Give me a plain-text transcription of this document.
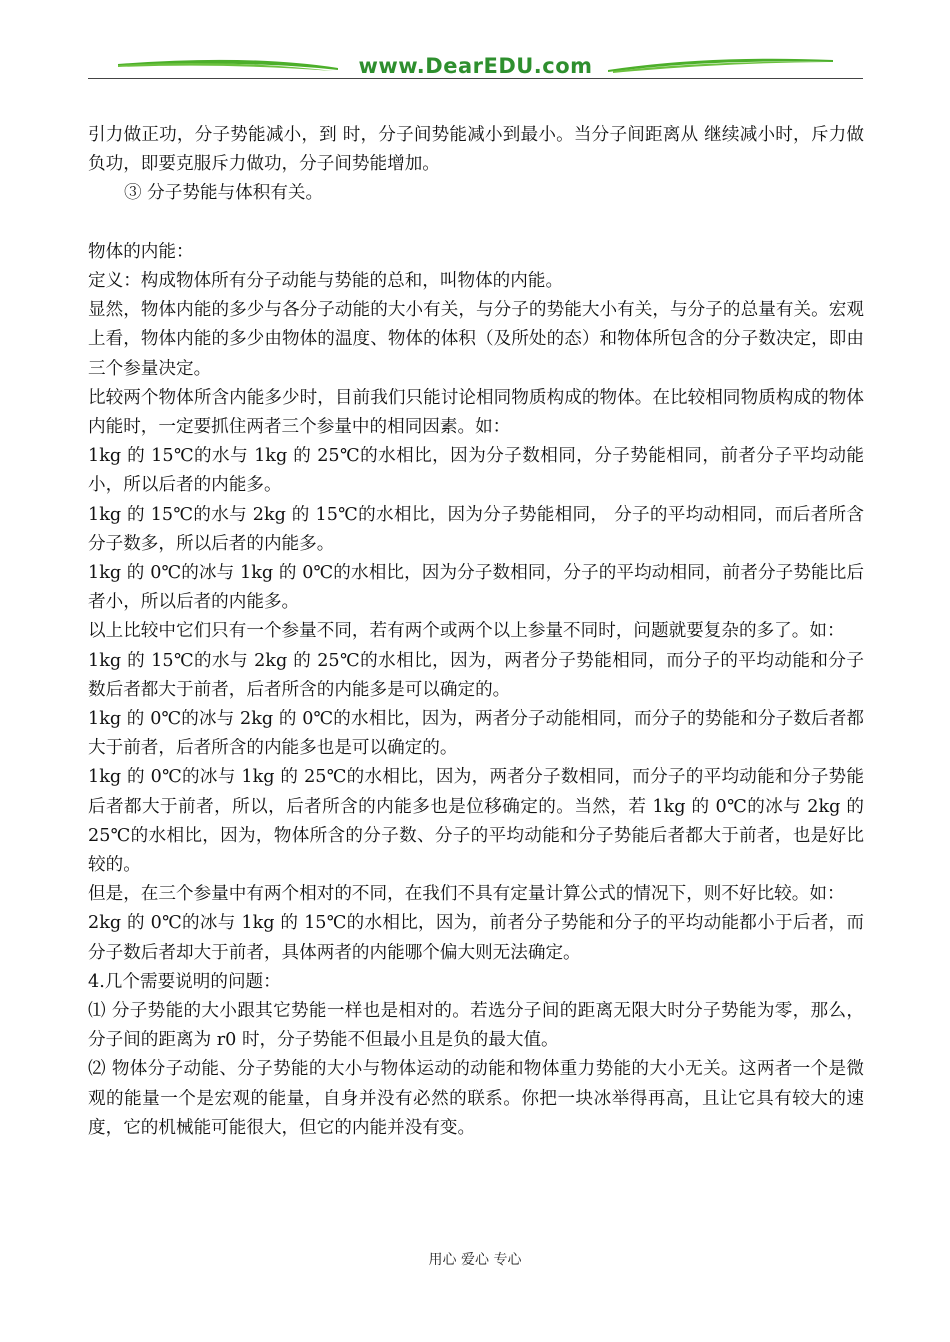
www.DearEDU.com

引力做正功，分子势能减小，到 时，分子间势能减小到最小。当分子间距离从 继续减小时，斥力做负功，即要克服斥力做功，分子间势能增加。

③ 分子势能与体积有关。

物体的内能：

定义：构成物体所有分子动能与势能的总和，叫物体的内能。

显然，物体内能的多少与各分子动能的大小有关，与分子的势能大小有关，与分子的总量有关。宏观上看，物体内能的多少由物体的温度、物体的体积（及所处的态）和物体所包含的分子数决定，即由三个参量决定。

比较两个物体所含内能多少时，目前我们只能讨论相同物质构成的物体。在比较相同物质构成的物体内能时，一定要抓住两者三个参量中的相同因素。如：

1kg 的 15℃的水与 1kg 的 25℃的水相比，因为分子数相同，分子势能相同，前者分子平均动能小，所以后者的内能多。

1kg 的 15℃的水与 2kg 的 15℃的水相比，因为分子势能相同， 分子的平均动相同，而后者所含分子数多，所以后者的内能多。

1kg 的 0℃的冰与 1kg 的 0℃的水相比，因为分子数相同，分子的平均动相同，前者分子势能比后者小，所以后者的内能多。

以上比较中它们只有一个参量不同，若有两个或两个以上参量不同时，问题就要复杂的多了。如：

1kg 的 15℃的水与 2kg 的 25℃的水相比，因为，两者分子势能相同，而分子的平均动能和分子数后者都大于前者，后者所含的内能多是可以确定的。

1kg 的 0℃的冰与 2kg 的 0℃的水相比，因为，两者分子动能相同，而分子的势能和分子数后者都大于前者，后者所含的内能多也是可以确定的。

1kg 的 0℃的冰与 1kg 的 25℃的水相比，因为，两者分子数相同，而分子的平均动能和分子势能后者都大于前者，所以，后者所含的内能多也是位移确定的。当然，若 1kg 的 0℃的冰与 2kg 的 25℃的水相比，因为，物体所含的分子数、分子的平均动能和分子势能后者都大于前者，也是好比较的。

但是，在三个参量中有两个相对的不同，在我们不具有定量计算公式的情况下，则不好比较。如：

2kg 的 0℃的冰与 1kg 的 15℃的水相比，因为，前者分子势能和分子的平均动能都小于后者，而分子数后者却大于前者，具体两者的内能哪个偏大则无法确定。

4.几个需要说明的问题：

⑴ 分子势能的大小跟其它势能一样也是相对的。若选分子间的距离无限大时分子势能为零，那么，分子间的距离为 r0 时，分子势能不但最小且是负的最大值。

⑵ 物体分子动能、分子势能的大小与物体运动的动能和物体重力势能的大小无关。这两者一个是微观的能量一个是宏观的能量，自身并没有必然的联系。你把一块冰举得再高，且让它具有较大的速度，它的机械能可能很大，但它的内能并没有变。

用心 爱心 专心
